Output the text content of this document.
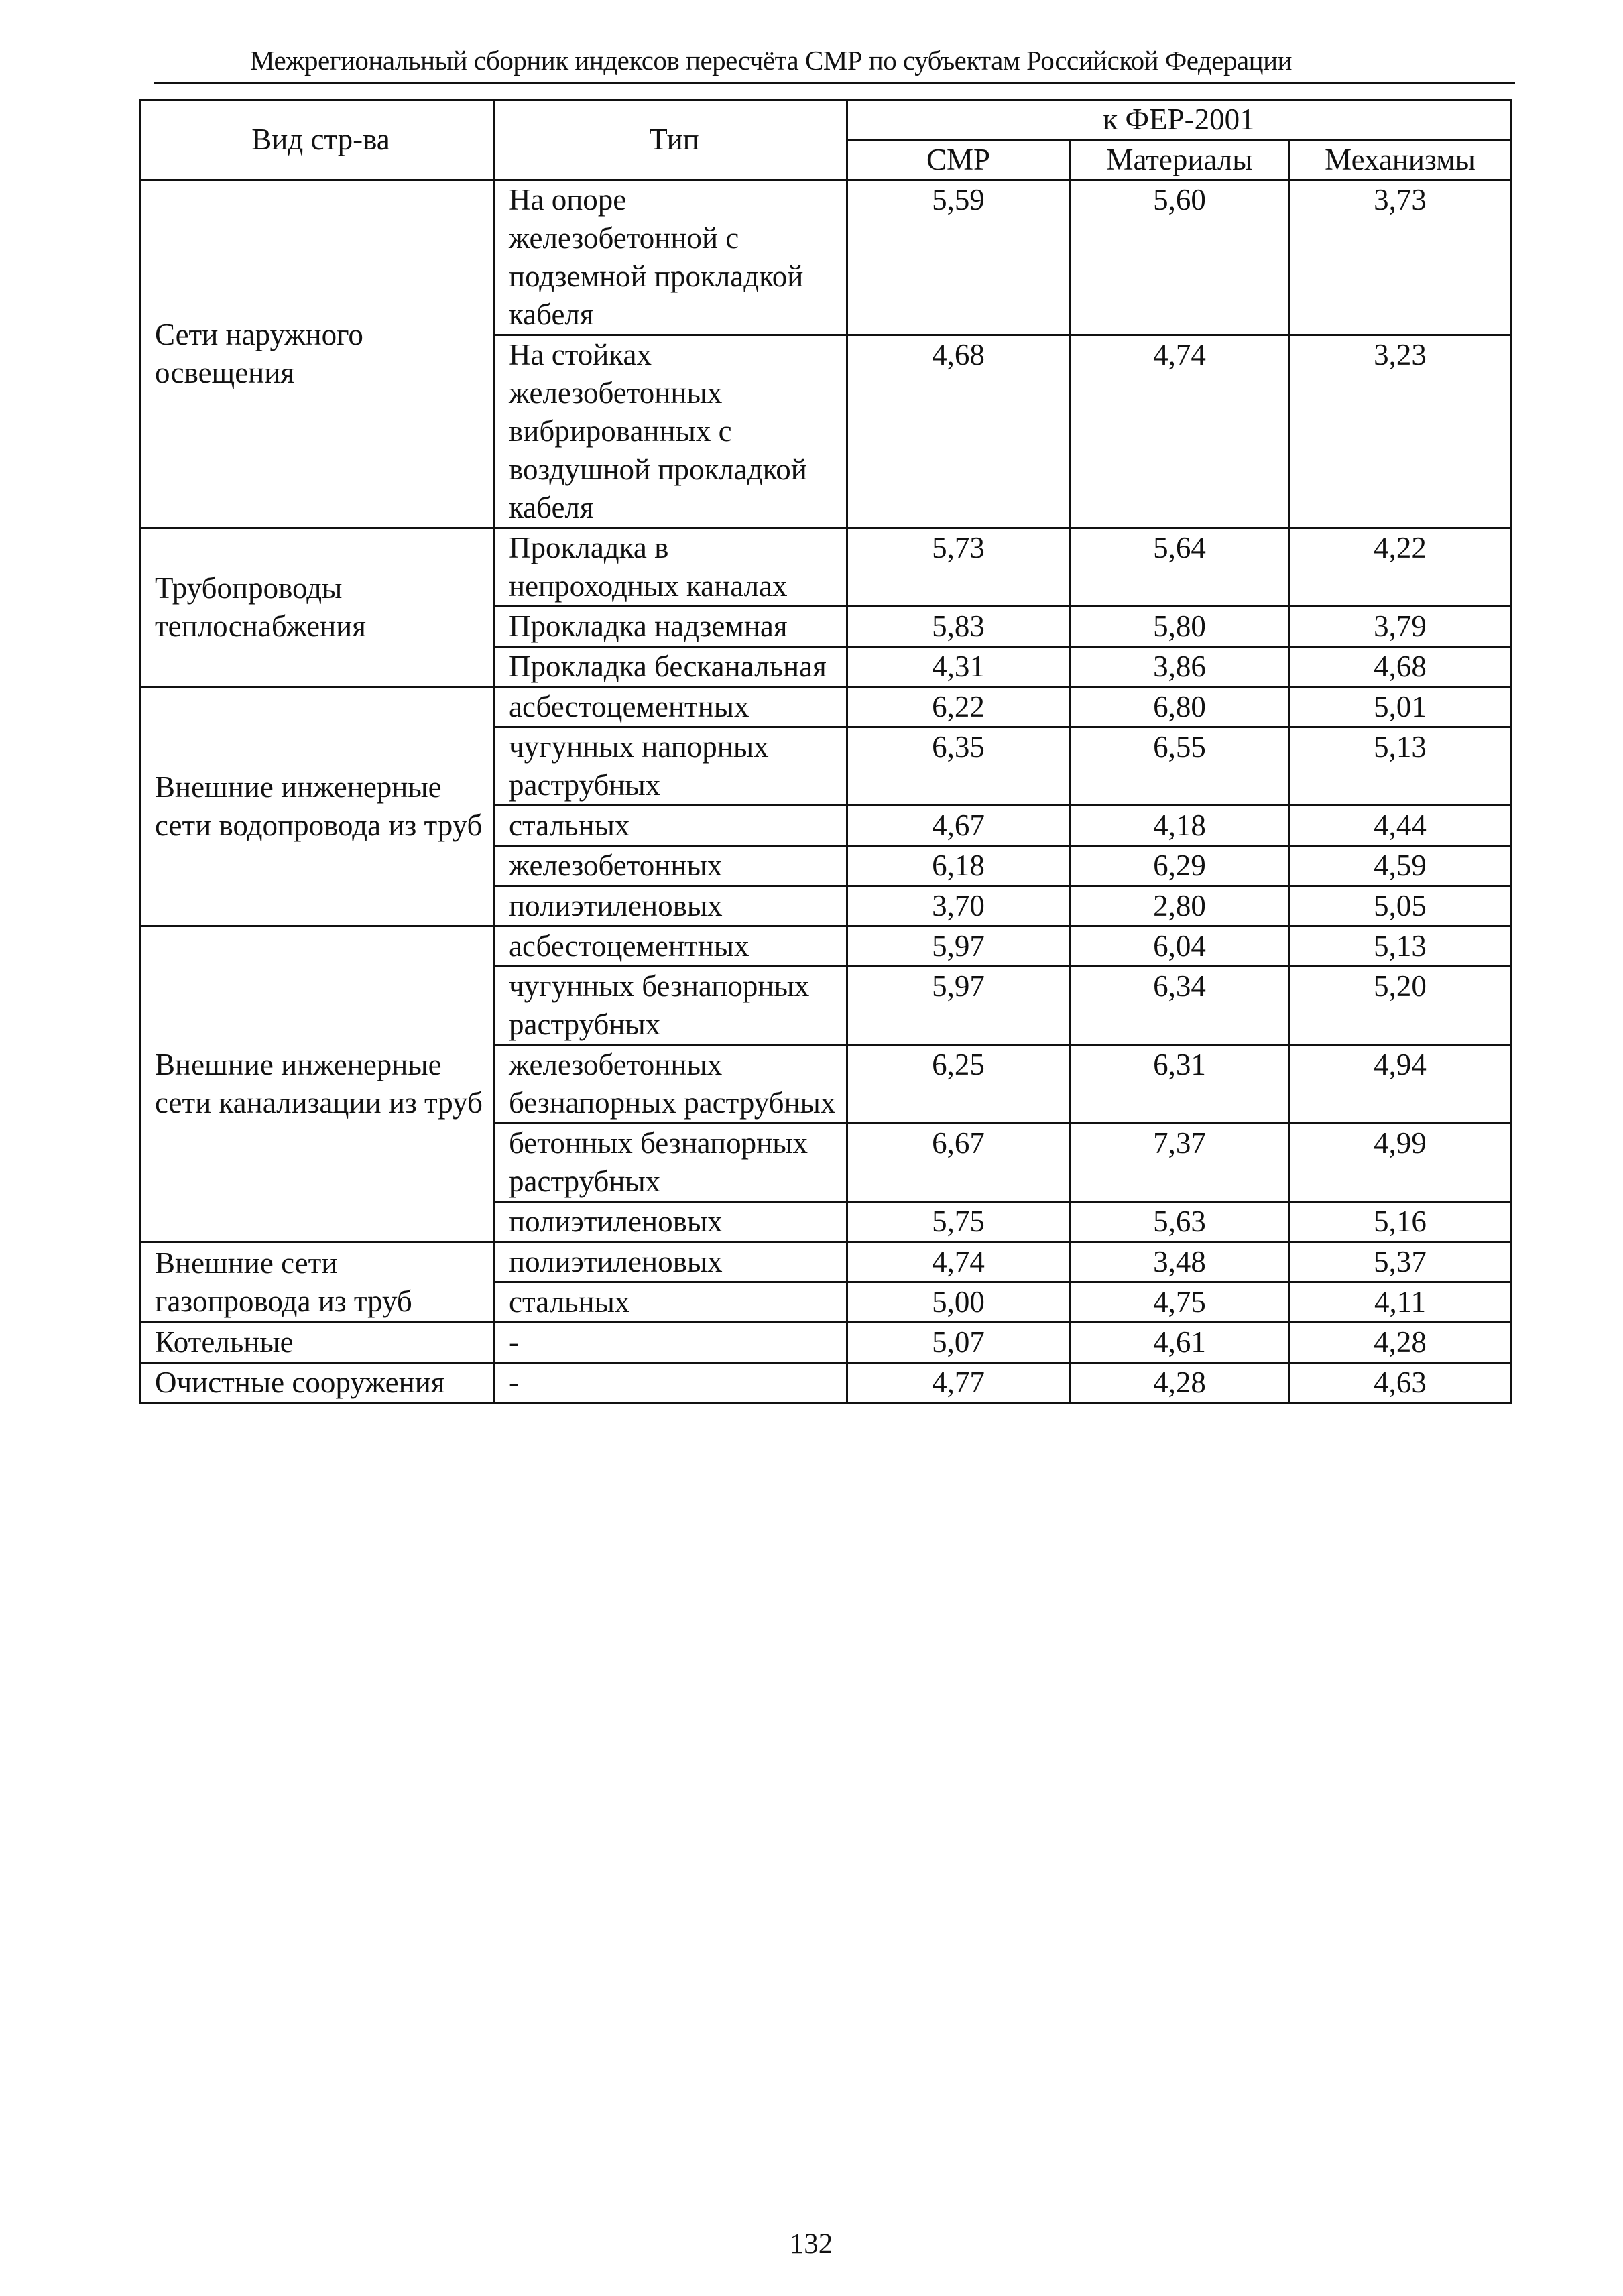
Межрегиональный сборник индексов пересчёта СМР по субъектам Российской Федерации
Вид стр-ва	Тип	к ФЕР-2001		
		СМР	Материалы	Механизмы
Сети наружного освещения	На опоре железобетонной с подземной прокладкой кабеля	5,59	5,60	3,73
	На стойках железобетонных вибрированных с воздушной прокладкой кабеля	4,68	4,74	3,23
Трубопроводы теплоснабжения	Прокладка в непроходных каналах	5,73	5,64	4,22
	Прокладка надземная	5,83	5,80	3,79
	Прокладка бесканальная	4,31	3,86	4,68
Внешние инженерные сети водопровода из труб	асбестоцементных	6,22	6,80	5,01
	чугунных напорных раструбных	6,35	6,55	5,13
	стальных	4,67	4,18	4,44
	железобетонных	6,18	6,29	4,59
	полиэтиленовых	3,70	2,80	5,05
Внешние инженерные сети канализации из труб	асбестоцементных	5,97	6,04	5,13
	чугунных безнапорных раструбных	5,97	6,34	5,20
	железобетонных безнапорных раструбных	6,25	6,31	4,94
	бетонных безнапорных раструбных	6,67	7,37	4,99
	полиэтиленовых	5,75	5,63	5,16
Внешние сети газопровода из труб	полиэтиленовых	4,74	3,48	5,37
	стальных	5,00	4,75	4,11
Котельные	-	5,07	4,61	4,28
Очистные сооружения	-	4,77	4,28	4,63
132
